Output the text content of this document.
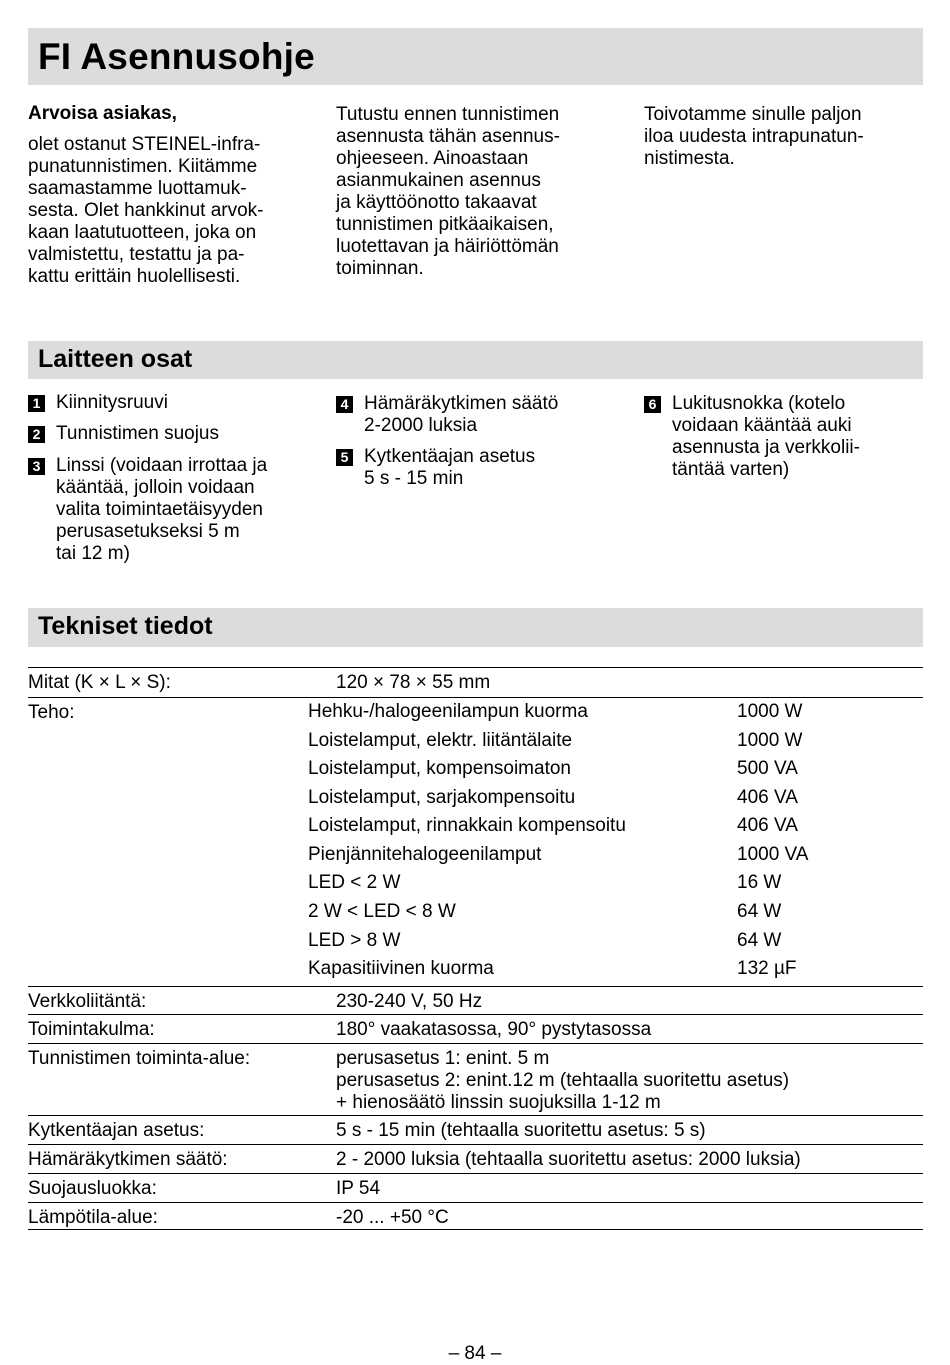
FI Asennusohje
Arvoisa asiakas,
olet ostanut STEINEL-infra-
punatunnistimen. Kiitämme
saamastamme luottamuk-
sesta. Olet hankkinut arvok-
kaan laatutuotteen, joka on
valmistettu, testattu ja pa-
kattu erittäin huolellisesti.
Tutustu ennen tunnistimen
asennusta tähän asennus-
ohjeeseen. Ainoastaan
asianmukainen asennus
ja käyttöönotto takaavat
tunnistimen pitkäaikaisen,
luotettavan ja häiriöttömän
toiminnan.
Toivotamme sinulle paljon
iloa uudesta intrapunatun-
nistimesta.
Laitteen osat
1 Kiinnitysruuvi
2 Tunnistimen suojus
3 Linssi (voidaan irrottaa ja
kääntää, jolloin voidaan
valita toimintaetäisyyden
perusasetukseksi 5 m
tai 12 m)
4 Hämäräkytkimen säätö
2-2000 luksia
5 Kytkentäajan asetus
5 s - 15 min
6 Lukitusnokka (kotelo
voidaan kääntää auki
asennusta ja verkkolii-
täntää varten)
Tekniset tiedot
Mitat (K × L × S):	120 × 78 × 55 mm
Teho:	Hehku-/halogeenilampun kuorma	1000 W
Loistelamput, elektr. liitäntälaite	1000 W
Loistelamput, kompensoimaton	500 VA
Loistelamput, sarjakompensoitu	406 VA
Loistelamput, rinnakkain kompensoitu	406 VA
Pienjännitehalogeenilamput	1000 VA
LED < 2 W	16 W
2 W < LED < 8 W	64 W
LED > 8 W	64 W
Kapasitiivinen kuorma	132 µF
Verkkoliitäntä:	230-240 V, 50 Hz
Toimintakulma:	180° vaakatasossa, 90° pystytasossa
Tunnistimen toiminta-alue:	perusasetus 1: enint. 5 m
perusasetus 2: enint.12 m (tehtaalla suoritettu asetus)
+ hienosäätö linssin suojuksilla 1-12 m
Kytkentäajan asetus:	5 s - 15 min (tehtaalla suoritettu asetus: 5 s)
Hämäräkytkimen säätö:	2 - 2000 luksia (tehtaalla suoritettu asetus: 2000 luksia)
Suojausluokka:	IP 54
Lämpötila-alue:	-20 ... +50 °C
– 84 –
